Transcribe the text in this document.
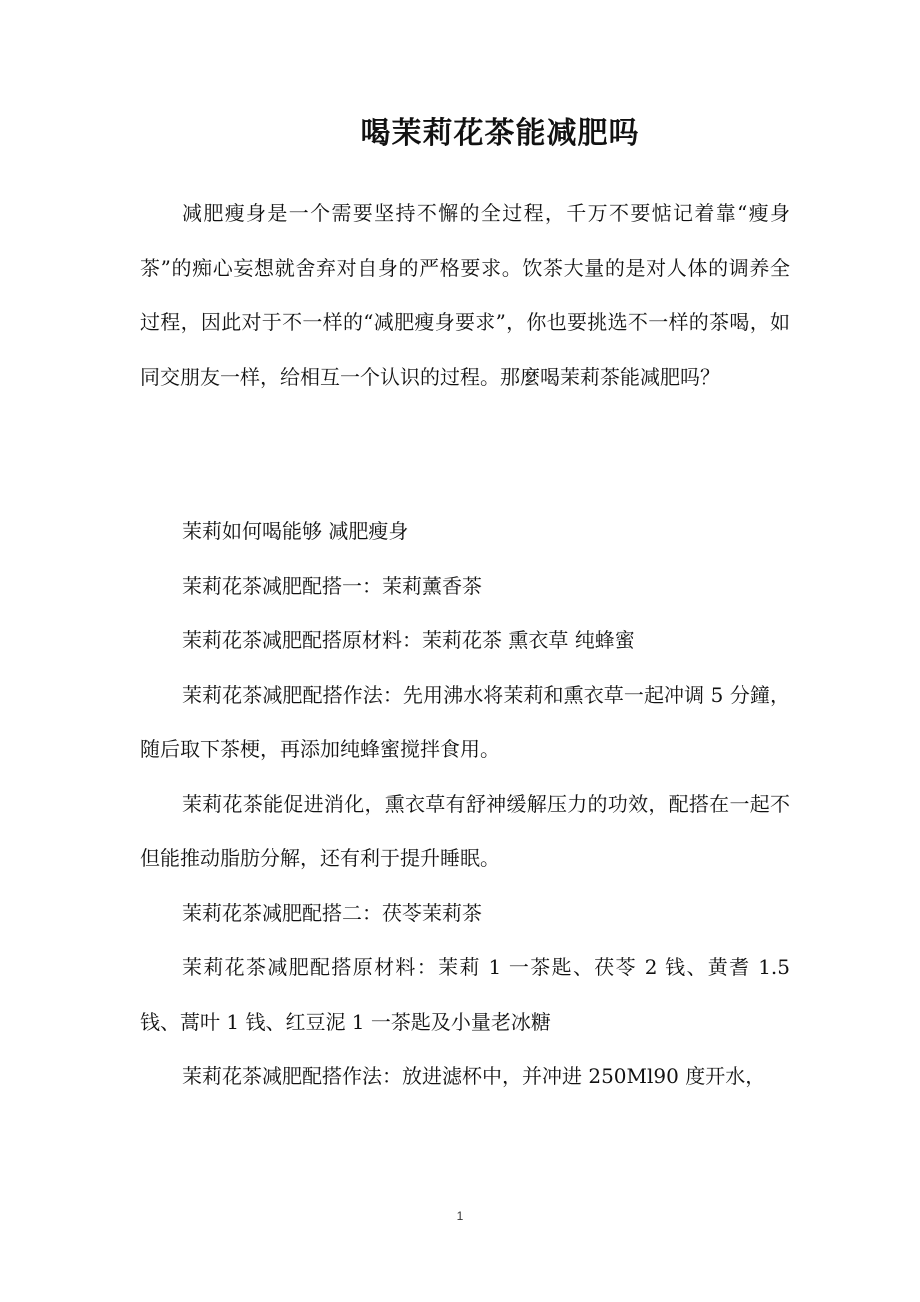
喝茉莉花茶能减肥吗

减肥瘦身是一个需要坚持不懈的全过程，千万不要惦记着靠“瘦身茶”的痴心妄想就舍弃对自身的严格要求。饮茶大量的是对人体的调养全过程，因此对于不一样的“减肥瘦身要求”，你也要挑选不一样的茶喝，如同交朋友一样，给相互一个认识的过程。那麼喝茉莉茶能减肥吗？

茉莉如何喝能够 减肥瘦身

茉莉花茶减肥配搭一：茉莉薰香茶

茉莉花茶减肥配搭原材料：茉莉花茶 熏衣草 纯蜂蜜

茉莉花茶减肥配搭作法：先用沸水将茉莉和熏衣草一起冲调 5 分鐘，随后取下茶梗，再添加纯蜂蜜搅拌食用。

茉莉花茶能促进消化，熏衣草有舒神缓解压力的功效，配搭在一起不但能推动脂肪分解，还有利于提升睡眠。

茉莉花茶减肥配搭二：茯苓茉莉茶

茉莉花茶减肥配搭原材料：茉莉 1 一茶匙、茯苓 2 钱、黄耆 1.5 钱、蒿叶 1 钱、红豆泥 1 一茶匙及小量老冰糖

茉莉花茶减肥配搭作法：放进滤杯中，并冲进 250Ml90 度开水，

1
